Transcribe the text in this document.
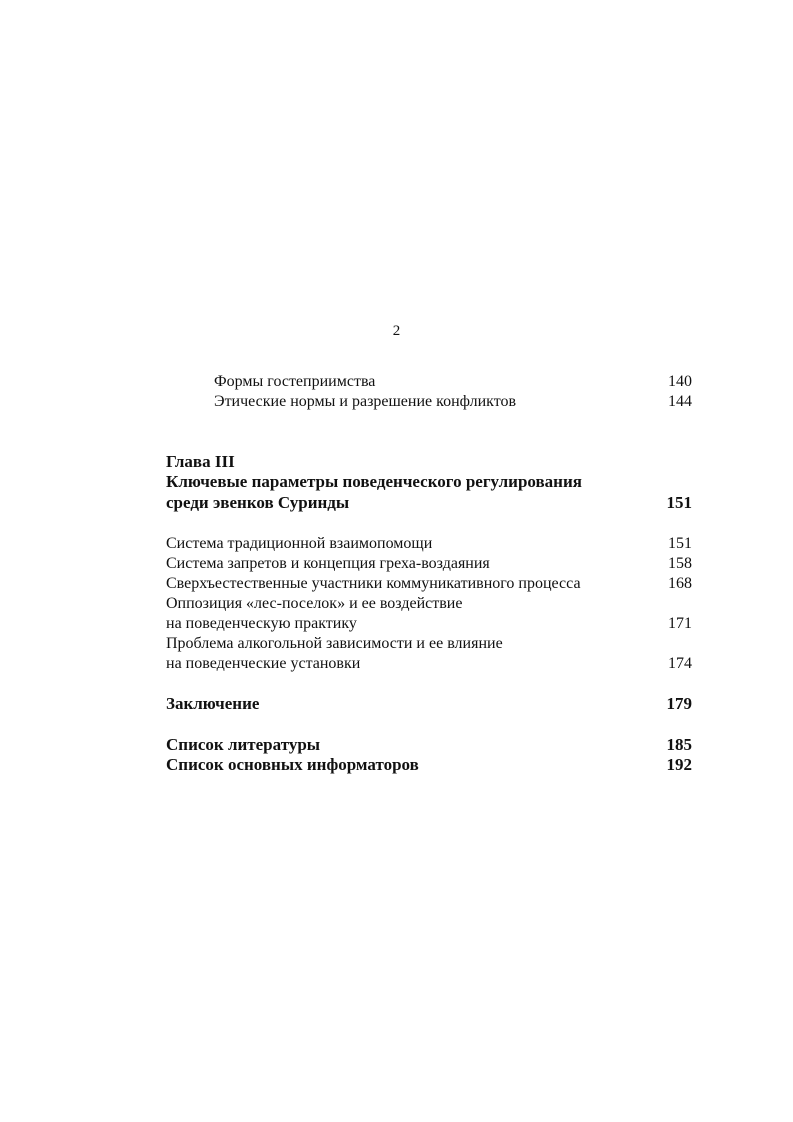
2
Формы гостеприимства	140
Этические нормы и разрешение конфликтов	144
Глава III
Ключевые параметры поведенческого регулирования
среди эвенков Суринды	151
Система традиционной взаимопомощи	151
Система запретов и концепция греха-воздаяния	158
Сверхъестественные участники коммуникативного процесса	168
Оппозиция «лес-поселок» и ее воздействие
на поведенческую практику	171
Проблема алкогольной зависимости и ее влияние
на поведенческие установки	174
Заключение	179
Список литературы	185
Список основных информаторов	192
